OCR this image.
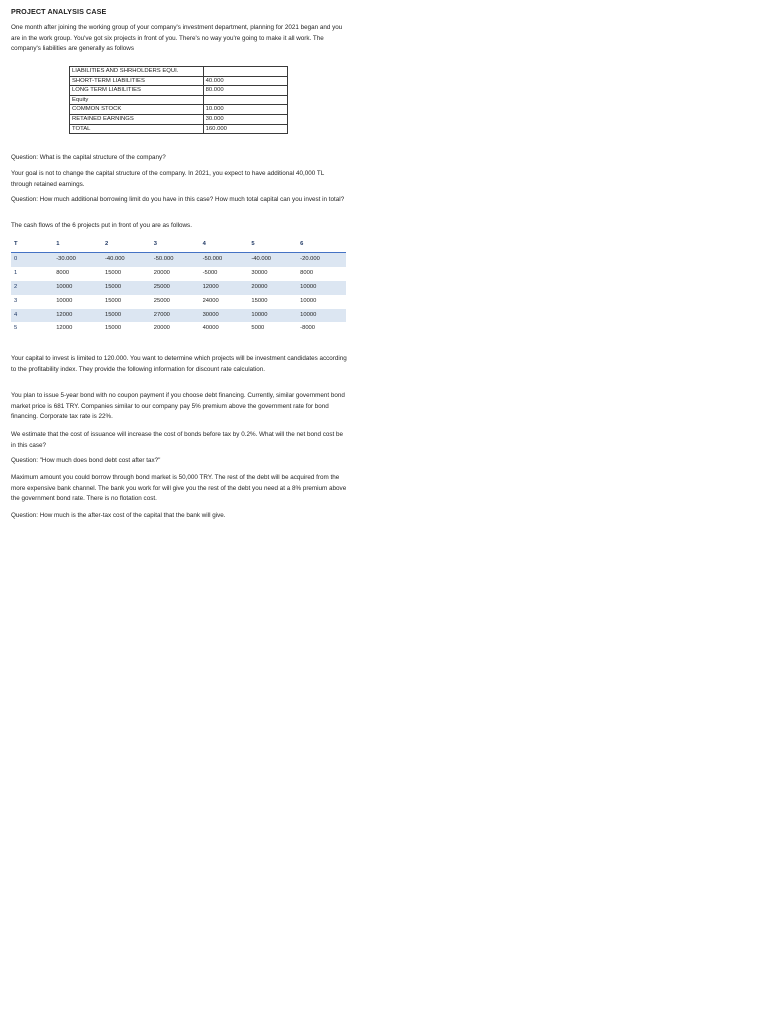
PROJECT ANALYSIS CASE

One month after joining the working group of your company's investment department, planning for 2021 began and you are in the work group. You've got six projects in front of you. There's no way you're going to make it all work. The company's liabilities are generally as follows

LIABILITIES AND SHRHOLDERS EQUI.	
SHORT-TERM LIABILITIES	40.000
LONG TERM LIABILITIES	80.000
Equity	
COMMON STOCK	10.000
RETAINED EARNINGS	30.000
TOTAL	160.000

Question: What is the capital structure of the company?

Your goal is not to change the capital structure of the company. In 2021, you expect to have additional 40,000 TL through retained earnings.

Question: How much additional borrowing limit do you have in this case? How much total capital can you invest in total?

The cash flows of the 6 projects put in front of you are as follows.

T	1	2	3	4	5	6
0	-30.000	-40.000	-50.000	-50.000	-40.000	-20.000
1	8000	15000	20000	-5000	30000	8000
2	10000	15000	25000	12000	20000	10000
3	10000	15000	25000	24000	15000	10000
4	12000	15000	27000	30000	10000	10000
5	12000	15000	20000	40000	5000	-8000

Your capital to invest is limited to 120.000. You want to determine which projects will be investment candidates according to the profitability index. They provide the following information for discount rate calculation.

You plan to issue 5-year bond with no coupon payment if you choose debt financing. Currently, similar government bond market price is 681 TRY. Companies similar to our company pay 5% premium above the government rate for bond financing. Corporate tax rate is 22%.

We estimate that the cost of issuance will increase the cost of bonds before tax by 0.2%. What will the net bond cost be in this case?

Question: "How much does bond debt cost after tax?"

Maximum amount you could borrow through bond market is 50,000 TRY. The rest of the debt will be acquired from the more expensive bank channel. The bank you work for will give you the rest of the debt you need at a 8% premium above the government bond rate. There is no flotation cost.

Question: How much is the after-tax cost of the capital that the bank will give.
